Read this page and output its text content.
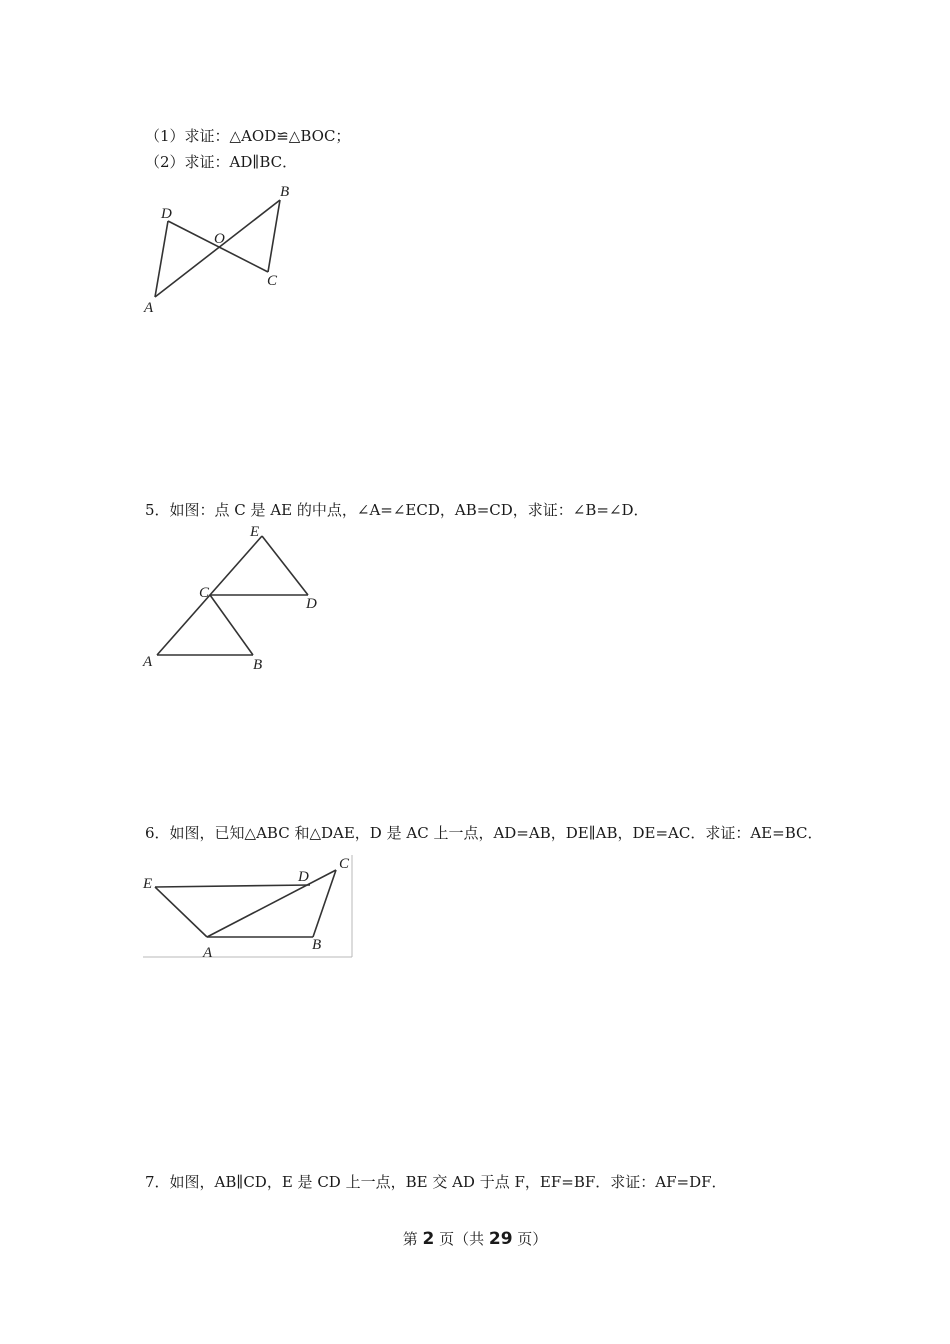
（1）求证：△AOD≌△BOC；
（2）求证：AD∥BC．
D
O
B
C
A
5．如图：点 C 是 AE 的中点，∠A=∠ECD，AB=CD，求证：∠B=∠D．
E
C
D
A	B
6．如图，已知△ABC 和△DAE，D 是 AC 上一点，AD=AB，DE∥AB，DE=AC．求证：AE=BC．
E	D
C
A	B
7．如图，AB∥CD，E 是 CD 上一点，BE 交 AD 于点 F，EF=BF．求证：AF=DF．
第 2 页（共 29 页）
